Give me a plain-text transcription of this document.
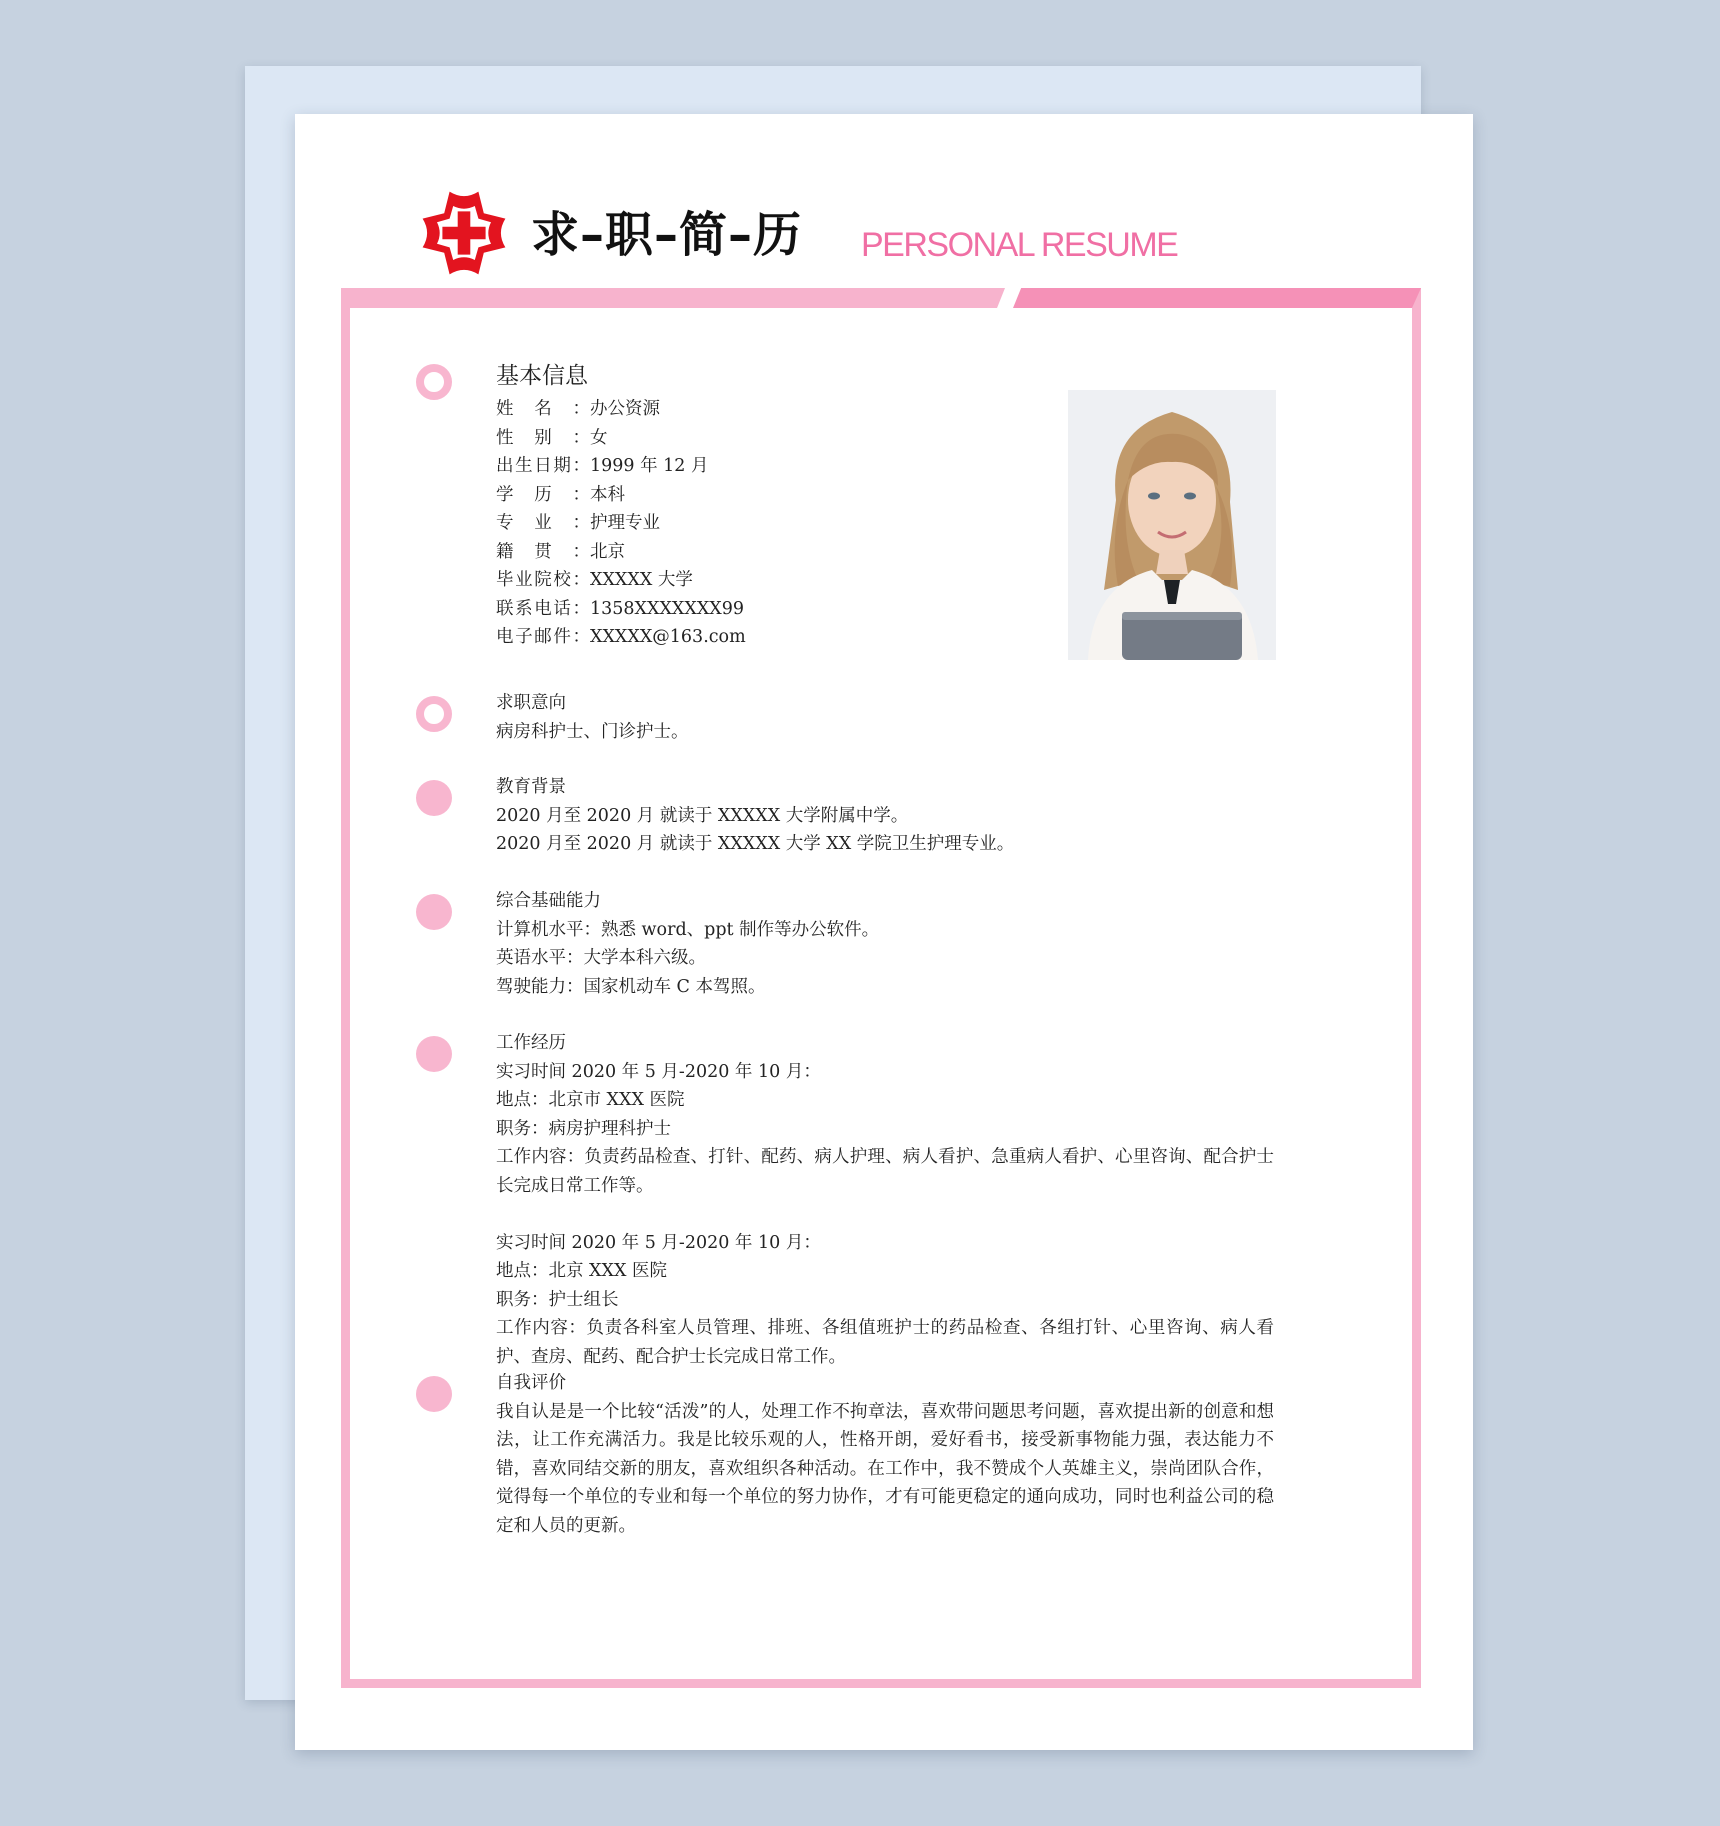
求–职–简–历 PERSONAL RESUME
基本信息
姓名：办公资源
性别：女
出生日期：1999 年 12 月
学历：本科
专业：护理专业
籍贯：北京
毕业院校：XXXXX 大学
联系电话：1358XXXXXXX99
电子邮件：XXXXX@163.com
求职意向
病房科护士、门诊护士。
教育背景
2020 月至 2020 月 就读于 XXXXX 大学附属中学。
2020 月至 2020 月 就读于 XXXXX 大学 XX 学院卫生护理专业。
综合基础能力
计算机水平：熟悉 word、ppt 制作等办公软件。
英语水平：大学本科六级。
驾驶能力：国家机动车 C 本驾照。
工作经历
实习时间 2020 年 5 月-2020 年 10 月：
地点：北京市 XXX 医院
职务：病房护理科护士
工作内容：负责药品检查、打针、配药、病人护理、病人看护、急重病人看护、心里咨询、配合护士长完成日常工作等。
实习时间 2020 年 5 月-2020 年 10 月：
地点：北京 XXX 医院
职务：护士组长
工作内容：负责各科室人员管理、排班、各组值班护士的药品检查、各组打针、心里咨询、病人看护、查房、配药、配合护士长完成日常工作。
自我评价
我自认是是一个比较“活泼”的人，处理工作不拘章法，喜欢带问题思考问题，喜欢提出新的创意和想法，让工作充满活力。我是比较乐观的人，性格开朗，爱好看书，接受新事物能力强，表达能力不错，喜欢同结交新的朋友，喜欢组织各种活动。在工作中，我不赞成个人英雄主义，崇尚团队合作，觉得每一个单位的专业和每一个单位的努力协作，才有可能更稳定的通向成功，同时也利益公司的稳定和人员的更新。
